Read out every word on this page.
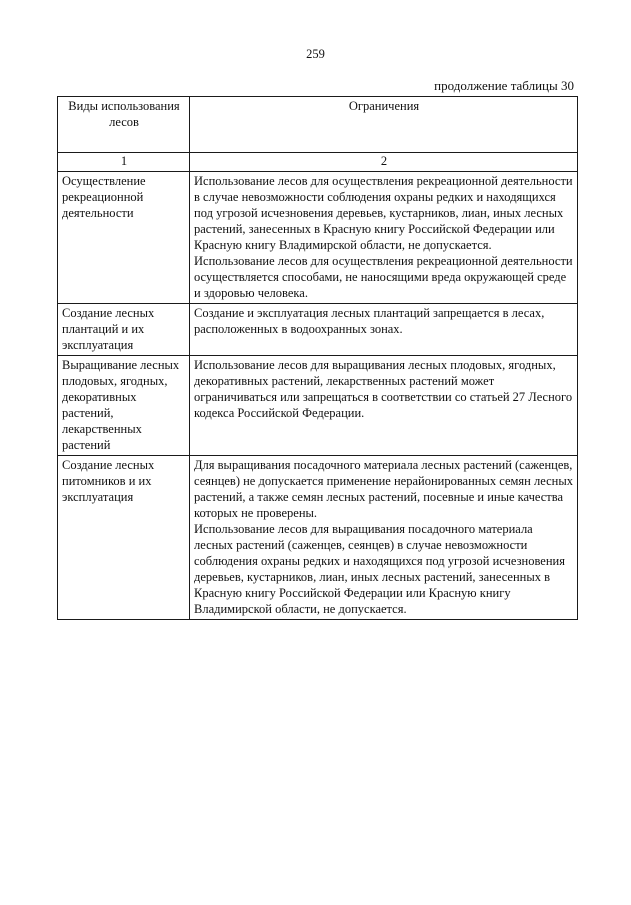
259
продолжение таблицы 30
Виды использования лесов	Ограничения
1	2
Осуществление рекреационной деятельности	Использование лесов для осуществления рекреационной деятельности в случае невозможности соблюдения охраны редких и находящихся под угрозой исчезновения деревьев, кустарников, лиан, иных лесных растений, занесенных в Красную книгу Российской Федерации или Красную книгу Владимирской области, не допускается.
Использование лесов для осуществления рекреационной деятельности осуществляется способами, не наносящими вреда окружающей среде и здоровью человека.

Создание лесных плантаций и их эксплуатация	Создание и эксплуатация лесных плантаций запрещается в лесах, расположенных в водоохранных зонах.

Выращивание лесных плодовых, ягодных, декоративных растений, лекарственных растений	Использование лесов для выращивания лесных плодовых, ягодных, декоративных растений, лекарственных растений может ограничиваться или запрещаться в соответствии со статьей 27 Лесного кодекса Российской Федерации.

Создание лесных питомников и их эксплуатация	Для выращивания посадочного материала лесных растений (саженцев, сеянцев) не допускается применение нерайонированных семян лесных растений, а также семян лесных растений, посевные и иные качества которых не проверены.
Использование лесов для выращивания посадочного материала лесных растений (саженцев, сеянцев) в случае невозможности соблюдения охраны редких и находящихся под угрозой исчезновения деревьев, кустарников, лиан, иных лесных растений, занесенных в Красную книгу Российской Федерации или Красную книгу Владимирской области, не допускается.
